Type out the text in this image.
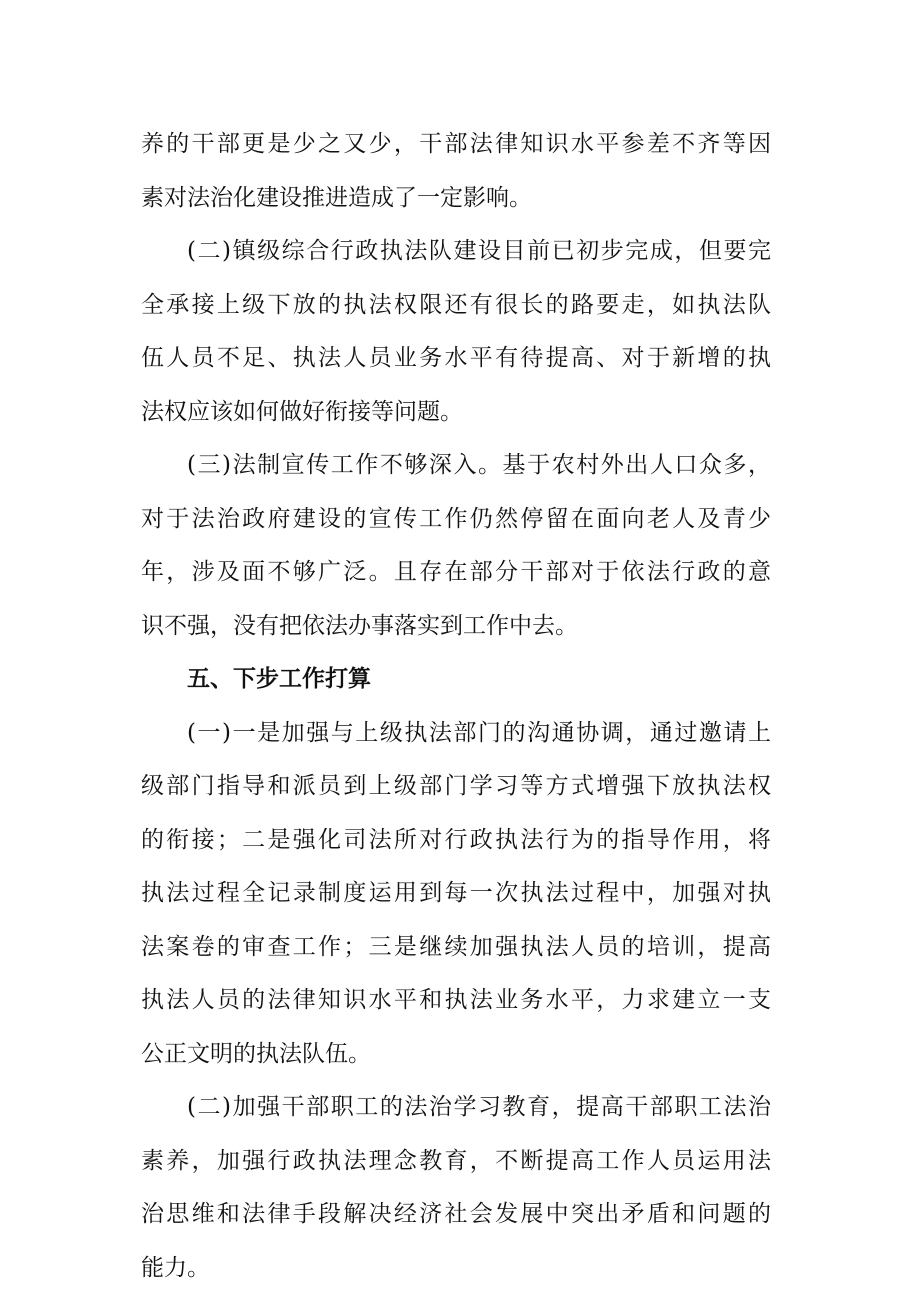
养的干部更是少之又少，干部法律知识水平参差不齐等因
素对法治化建设推进造成了一定影响。
(二)镇级综合行政执法队建设目前已初步完成，但要完
全承接上级下放的执法权限还有很长的路要走，如执法队
伍人员不足、执法人员业务水平有待提高、对于新增的执
法权应该如何做好衔接等问题。
(三)法制宣传工作不够深入。基于农村外出人口众多，
对于法治政府建设的宣传工作仍然停留在面向老人及青少
年，涉及面不够广泛。且存在部分干部对于依法行政的意
识不强，没有把依法办事落实到工作中去。
五、下步工作打算
(一)一是加强与上级执法部门的沟通协调，通过邀请上
级部门指导和派员到上级部门学习等方式增强下放执法权
的衔接；二是强化司法所对行政执法行为的指导作用，将
执法过程全记录制度运用到每一次执法过程中，加强对执
法案卷的审查工作；三是继续加强执法人员的培训，提高
执法人员的法律知识水平和执法业务水平，力求建立一支
公正文明的执法队伍。
(二)加强干部职工的法治学习教育，提高干部职工法治
素养，加强行政执法理念教育，不断提高工作人员运用法
治思维和法律手段解决经济社会发展中突出矛盾和问题的
能力。
